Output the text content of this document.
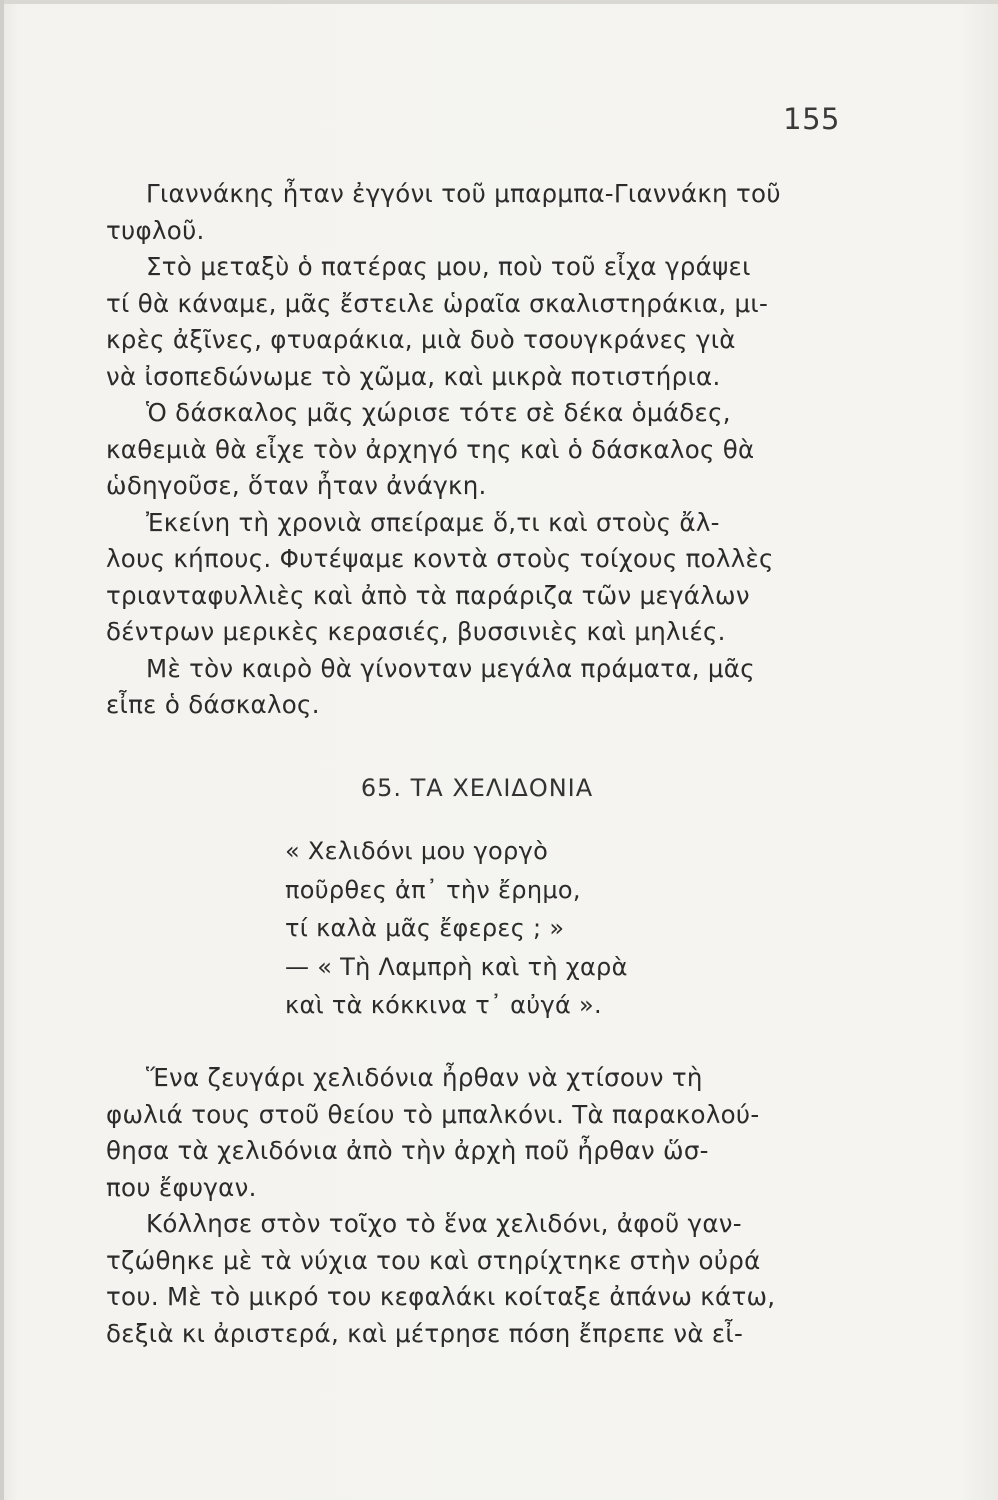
155

Γιαννάκης ἦταν ἐγγόνι τοῦ μπαρμπα-Γιαννάκη τοῦ
τυφλοῦ.

Στὸ μεταξὺ ὁ πατέρας μου, ποὺ τοῦ εἶχα γράψει
τί θὰ κάναμε, μᾶς ἔστειλε ὡραῖα σκαλιστηράκια, μι-
κρὲς ἀξῖνες, φτυαράκια, μιὰ δυὸ τσουγκράνες γιὰ
νὰ ἰσοπεδώνωμε τὸ χῶμα, καὶ μικρὰ ποτιστήρια.

Ὁ δάσκαλος μᾶς χώρισε τότε σὲ δέκα ὁμάδες,
καθεμιὰ θὰ εἶχε τὸν ἀρχηγό της καὶ ὁ δάσκαλος θὰ
ὡδηγοῦσε, ὅταν ἦταν ἀνάγκη.

Ἐκείνη τὴ χρονιὰ σπείραμε ὅ,τι καὶ στοὺς ἄλ-
λους κήπους. Φυτέψαμε κοντὰ στοὺς τοίχους πολλὲς
τριανταφυλλιὲς καὶ ἀπὸ τὰ παράριζα τῶν μεγάλων
δέντρων μερικὲς κερασιές, βυσσινιὲς καὶ μηλιές.

Μὲ τὸν καιρὸ θὰ γίνονταν μεγάλα πράματα, μᾶς
εἶπε ὁ δάσκαλος.

65. ΤΑ ΧΕΛΙΔΟΝΙΑ
« Χελιδόνι μου γοργὸ
ποῦρθες ἀπ᾿ τὴν ἔρημο,
τί καλὰ μᾶς ἔφερες ; »
— « Τὴ Λαμπρὴ καὶ τὴ χαρὰ
καὶ τὰ κόκκινα τ᾿ αὐγά ».

Ἕνα ζευγάρι χελιδόνια ἦρθαν νὰ χτίσουν τὴ
φωλιά τους στοῦ θείου τὸ μπαλκόνι. Τὰ παρακολού-
θησα τὰ χελιδόνια ἀπὸ τὴν ἀρχὴ ποῦ ἦρθαν ὥσ-
που ἔφυγαν.

Κόλλησε στὸν τοῖχο τὸ ἕνα χελιδόνι, ἀφοῦ γαν-
τζώθηκε μὲ τὰ νύχια του καὶ στηρίχτηκε στὴν οὐρά
του. Μὲ τὸ μικρό του κεφαλάκι κοίταξε ἀπάνω κάτω,
δεξιὰ κι ἀριστερά, καὶ μέτρησε πόση ἔπρεπε νὰ εἶ-
